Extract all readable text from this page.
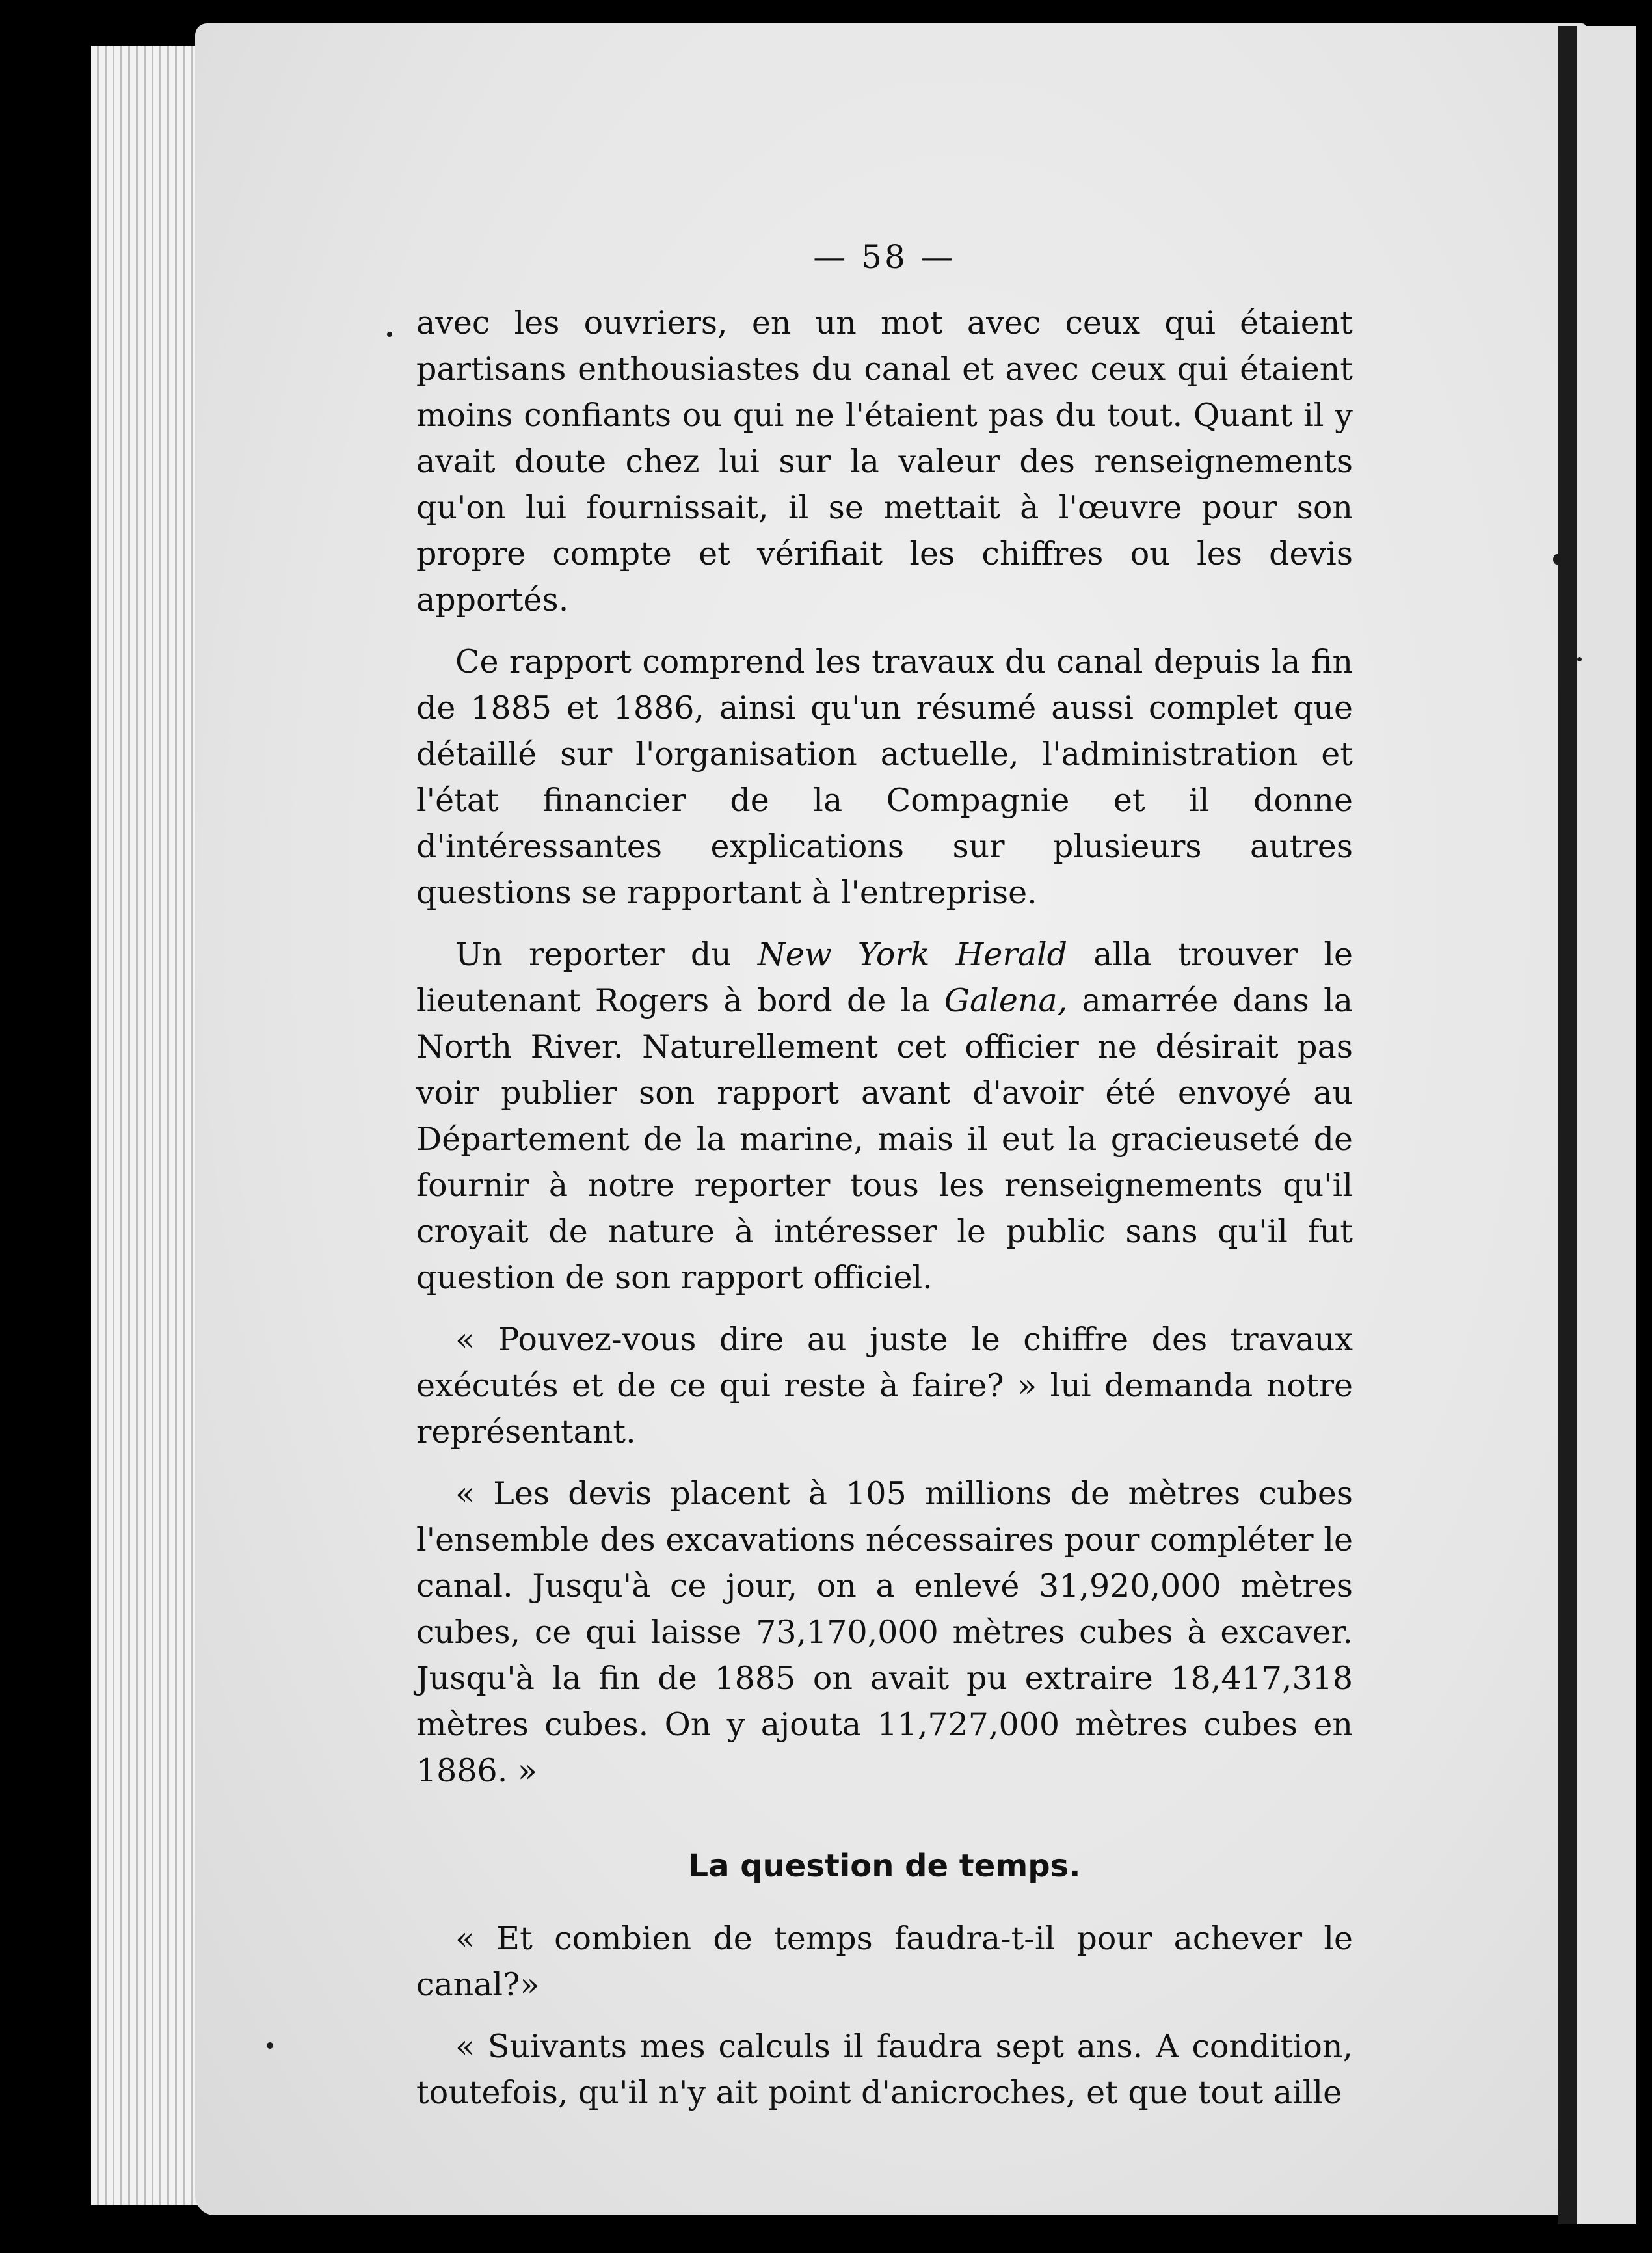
— 58 —

avec les ouvriers, en un mot avec ceux qui étaient partisans enthousiastes du canal et avec ceux qui étaient moins confiants ou qui ne l'étaient pas du tout. Quant il y avait doute chez lui sur la valeur des renseignements qu'on lui fournissait, il se mettait à l'œuvre pour son propre compte et vérifiait les chiffres ou les devis apportés.

Ce rapport comprend les travaux du canal depuis la fin de 1885 et 1886, ainsi qu'un résumé aussi complet que détaillé sur l'organisation actuelle, l'administration et l'état financier de la Compagnie et il donne d'intéressantes explications sur plusieurs autres questions se rapportant à l'entreprise.

Un reporter du New York Herald alla trouver le lieutenant Rogers à bord de la Galena, amarrée dans la North River. Naturellement cet officier ne désirait pas voir publier son rapport avant d'avoir été envoyé au Département de la marine, mais il eut la gracieuseté de fournir à notre reporter tous les renseignements qu'il croyait de nature à intéresser le public sans qu'il fut question de son rapport officiel.

« Pouvez-vous dire au juste le chiffre des travaux exécutés et de ce qui reste à faire? » lui demanda notre représentant.

« Les devis placent à 105 millions de mètres cubes l'ensemble des excavations nécessaires pour compléter le canal. Jusqu'à ce jour, on a enlevé 31,920,000 mètres cubes, ce qui laisse 73,170,000 mètres cubes à excaver. Jusqu'à la fin de 1885 on avait pu extraire 18,417,318 mètres cubes. On y ajouta 11,727,000 mètres cubes en 1886. »

La question de temps.

« Et combien de temps faudra-t-il pour achever le canal?»

« Suivants mes calculs il faudra sept ans. A condition, toutefois, qu'il n'y ait point d'anicroches, et que tout aille
